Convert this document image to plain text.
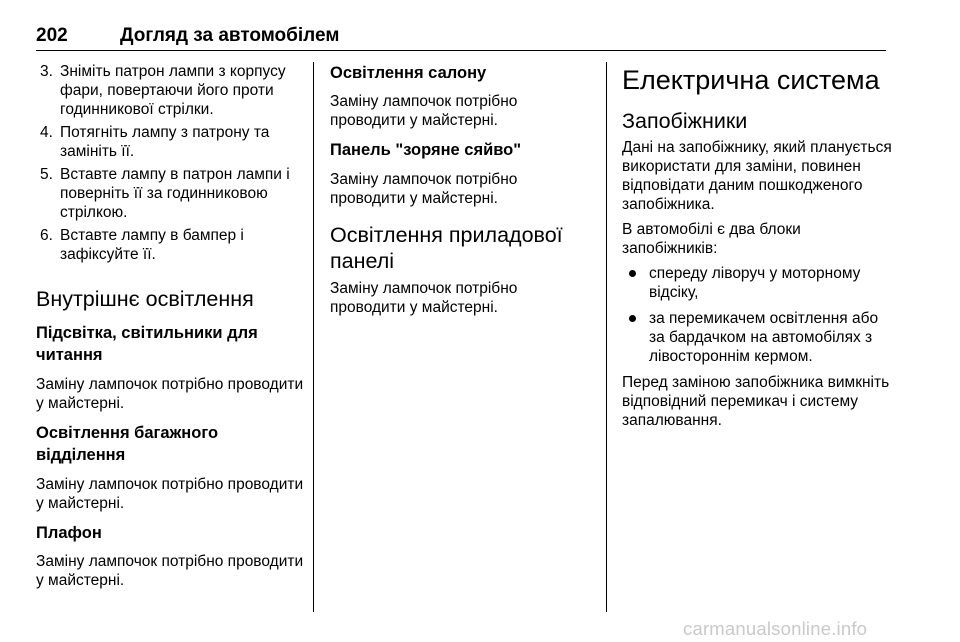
202	Догляд за автомобілем
3. Зніміть патрон лампи з корпусу фари, повертаючи його проти годинникової стрілки.
4. Потягніть лампу з патрону та замініть її.
5. Вставте лампу в патрон лампи і поверніть її за годинниковою стрілкою.
6. Вставте лампу в бампер і зафіксуйте її.
Внутрішнє освітлення
Підсвітка, світильники для читання
Заміну лампочок потрібно проводити у майстерні.
Освітлення багажного відділення
Заміну лампочок потрібно проводити у майстерні.
Плафон
Заміну лампочок потрібно проводити у майстерні.
Освітлення салону
Заміну лампочок потрібно проводити у майстерні.
Панель "зоряне сяйво"
Заміну лампочок потрібно проводити у майстерні.
Освітлення приладової панелі
Заміну лампочок потрібно проводити у майстерні.
Електрична система
Запобіжники
Дані на запобіжнику, який планується використати для заміни, повинен відповідати даним пошкодженого запобіжника.
В автомобілі є два блоки запобіжників:
спереду ліворуч у моторному відсіку,
за перемикачем освітлення або за бардачком на автомобілях з лівостороннім кермом.
Перед заміною запобіжника вимкніть відповідний перемикач і систему запалювання.
carmanualsonline.info
